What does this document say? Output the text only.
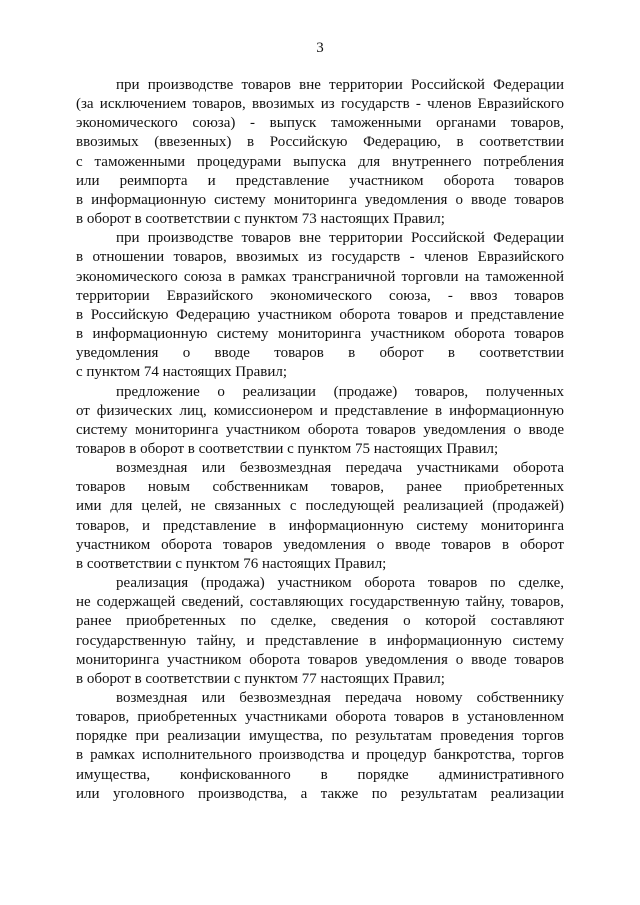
3
при производстве товаров вне территории Российской Федерации
(за исключением товаров, ввозимых из государств - членов Евразийского
экономического союза) - выпуск таможенными органами товаров,
ввозимых (ввезенных) в Российскую Федерацию, в соответствии
с таможенными процедурами выпуска для внутреннего потребления
или реимпорта и представление участником оборота товаров
в информационную систему мониторинга уведомления о вводе товаров
в оборот в соответствии с пунктом 73 настоящих Правил;
при производстве товаров вне территории Российской Федерации
в отношении товаров, ввозимых из государств - членов Евразийского
экономического союза в рамках трансграничной торговли на таможенной
территории Евразийского экономического союза, - ввоз товаров
в Российскую Федерацию участником оборота товаров и представление
в информационную систему мониторинга участником оборота товаров
уведомления о вводе товаров в оборот в соответствии
с пунктом 74 настоящих Правил;
предложение о реализации (продаже) товаров, полученных
от физических лиц, комиссионером и представление в информационную
систему мониторинга участником оборота товаров уведомления о вводе
товаров в оборот в соответствии с пунктом 75 настоящих Правил;
возмездная или безвозмездная передача участниками оборота
товаров новым собственникам товаров, ранее приобретенных
ими для целей, не связанных с последующей реализацией (продажей)
товаров, и представление в информационную систему мониторинга
участником оборота товаров уведомления о вводе товаров в оборот
в соответствии с пунктом 76 настоящих Правил;
реализация (продажа) участником оборота товаров по сделке,
не содержащей сведений, составляющих государственную тайну, товаров,
ранее приобретенных по сделке, сведения о которой составляют
государственную тайну, и представление в информационную систему
мониторинга участником оборота товаров уведомления о вводе товаров
в оборот в соответствии с пунктом 77 настоящих Правил;
возмездная или безвозмездная передача новому собственнику
товаров, приобретенных участниками оборота товаров в установленном
порядке при реализации имущества, по результатам проведения торгов
в рамках исполнительного производства и процедур банкротства, торгов
имущества, конфискованного в порядке административного
или уголовного производства, а также по результатам реализации
